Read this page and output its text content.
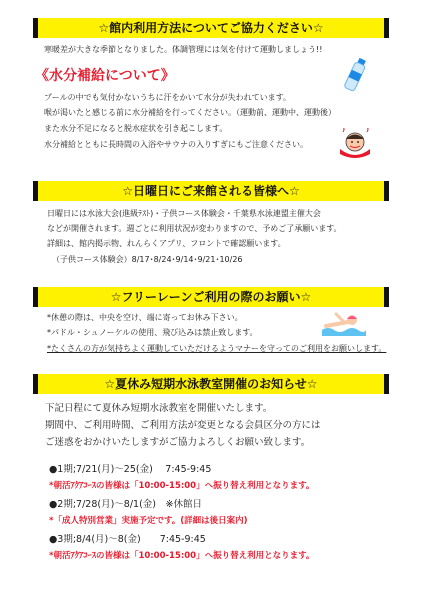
☆館内利用方法についてご協力ください☆
寒暖差が大きな季節となりました。体調管理には気を付けて運動しましょう!!
《水分補給について》
プールの中でも気付かないうちに汗をかいて水分が失われています。
喉が渇いたと感じる前に水分補給を行ってください。（運動前、運動中、運動後）
また水分不足になると脱水症状を引き起こします。
水分補給とともに長時間の入浴やサウナの入りすぎにもご注意ください。
☆日曜日にご来館される皆様へ☆
日曜日には水泳大会(進級ﾃｽﾄ)・子供コース体験会・千葉県水泳連盟主催大会
などが開催されます。週ごとに利用状況が変わりますので、予めご了承願います。
詳細は、館内掲示物、れんらくアプリ、フロントで確認願います。
（子供コース体験会）8/17･8/24･9/14･9/21･10/26
☆フリーレーンご利用の際のお願い☆
*休憩の際は、中央を空け、端に寄ってお休み下さい。
*パドル・シュノーケルの使用、飛び込みは禁止致します。
*たくさんの方が気持ちよく運動していただけるようマナーを守ってのご利用をお願いします。
☆夏休み短期水泳教室開催のお知らせ☆
下記日程にて夏休み短期水泳教室を開催いたします。
期間中、ご利用時間、ご利用方法が変更となる会員区分の方には
ご迷惑をおかけいたしますがご協力よろしくお願い致します。
●1期;7/21(月)～25(金)　 7:45-9:45
*朝活ｱｸｱｺｰｽの皆様は「10:00-15:00」へ振り替え利用となります。
●2期;7/28(月)～8/1(金)　※休館日
*「成人特別営業」実施予定です。(詳細は後日案内)
●3期;8/4(月)～8(金)　　7:45-9:45
*朝活ｱｸｱｺｰｽの皆様は「10:00-15:00」へ振り替え利用となります。
